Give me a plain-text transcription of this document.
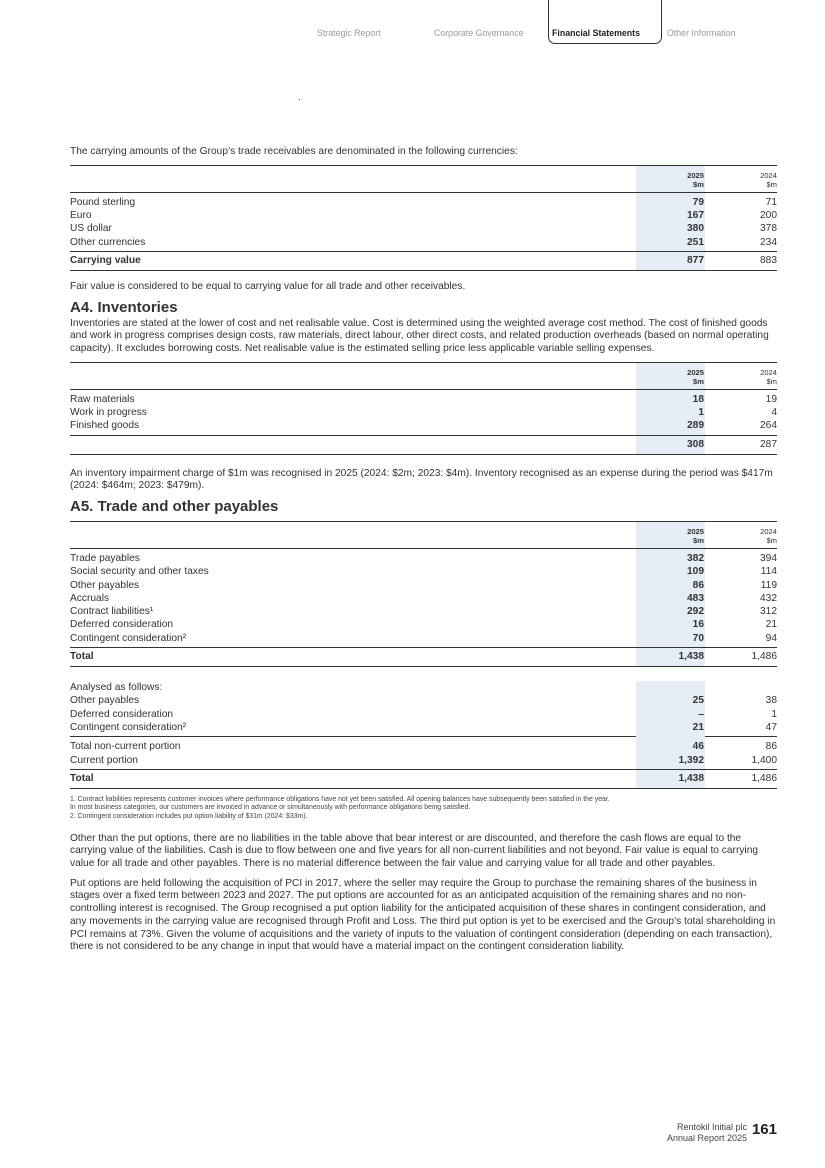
Strategic Report	Corporate Governance	Financial Statements	Other Information

The carrying amounts of the Group’s trade receivables are denominated in the following currencies:

2025
$m
2024
$m
Pound sterling	79	71
Euro	167	200
US dollar	380	378
Other currencies	251	234
Carrying value	877	883

Fair value is considered to be equal to carrying value for all trade and other receivables.

A4. Inventories

Inventories are stated at the lower of cost and net realisable value. Cost is determined using the weighted average cost method. The cost of finished goods and work in progress comprises design costs, raw materials, direct labour, other direct costs, and related production overheads (based on normal operating capacity). It excludes borrowing costs. Net realisable value is the estimated selling price less applicable variable selling expenses.

2025
$m
2024
$m
Raw materials	18	19
Work in progress	1	4
Finished goods	289	264
308	287

An inventory impairment charge of $1m was recognised in 2025 (2024: $2m; 2023: $4m). Inventory recognised as an expense during the period was $417m (2024: $464m; 2023: $479m).

A5. Trade and other payables
2025
$m
2024
$m
Trade payables	382	394
Social security and other taxes	109	114
Other payables	86	119
Accruals	483	432
Contract liabilities¹	292	312
Deferred consideration	16	21
Contingent consideration²	70	94
Total	1,438	1,486
Analysed as follows:
Other payables	25	38
Deferred consideration	–	1
Contingent consideration²	21	47
Total non-current portion	46	86
Current portion	1,392	1,400
Total	1,438	1,486

1. Contract liabilities represents customer invoices where performance obligations have not yet been satisfied. All opening balances have subsequently been satisfied in the year.

In most business categories, our customers are invoiced in advance or simultaneously with performance obligations being satisfied.

2. Contingent consideration includes put option liability of $31m (2024: $33m).

Other than the put options, there are no liabilities in the table above that bear interest or are discounted, and therefore the cash flows are equal to the carrying value of the liabilities. Cash is due to flow between one and five years for all non-current liabilities and not beyond. Fair value is equal to carrying value for all trade and other payables. There is no material difference between the fair value and carrying value for all trade and other payables.

Put options are held following the acquisition of PCI in 2017, where the seller may require the Group to purchase the remaining shares of the business in stages over a fixed term between 2023 and 2027. The put options are accounted for as an anticipated acquisition of the remaining shares and no non-controlling interest is recognised. The Group recognised a put option liability for the anticipated acquisition of these shares in contingent consideration, and any movements in the carrying value are recognised through Profit and Loss. The third put option is yet to be exercised and the Group’s total shareholding in PCI remains at 73%. Given the volume of acquisitions and the variety of inputs to the valuation of contingent consideration (depending on each transaction), there is not considered to be any change in input that would have a material impact on the contingent consideration liability.

Rentokil Initial plc
Annual Report 2025 161
